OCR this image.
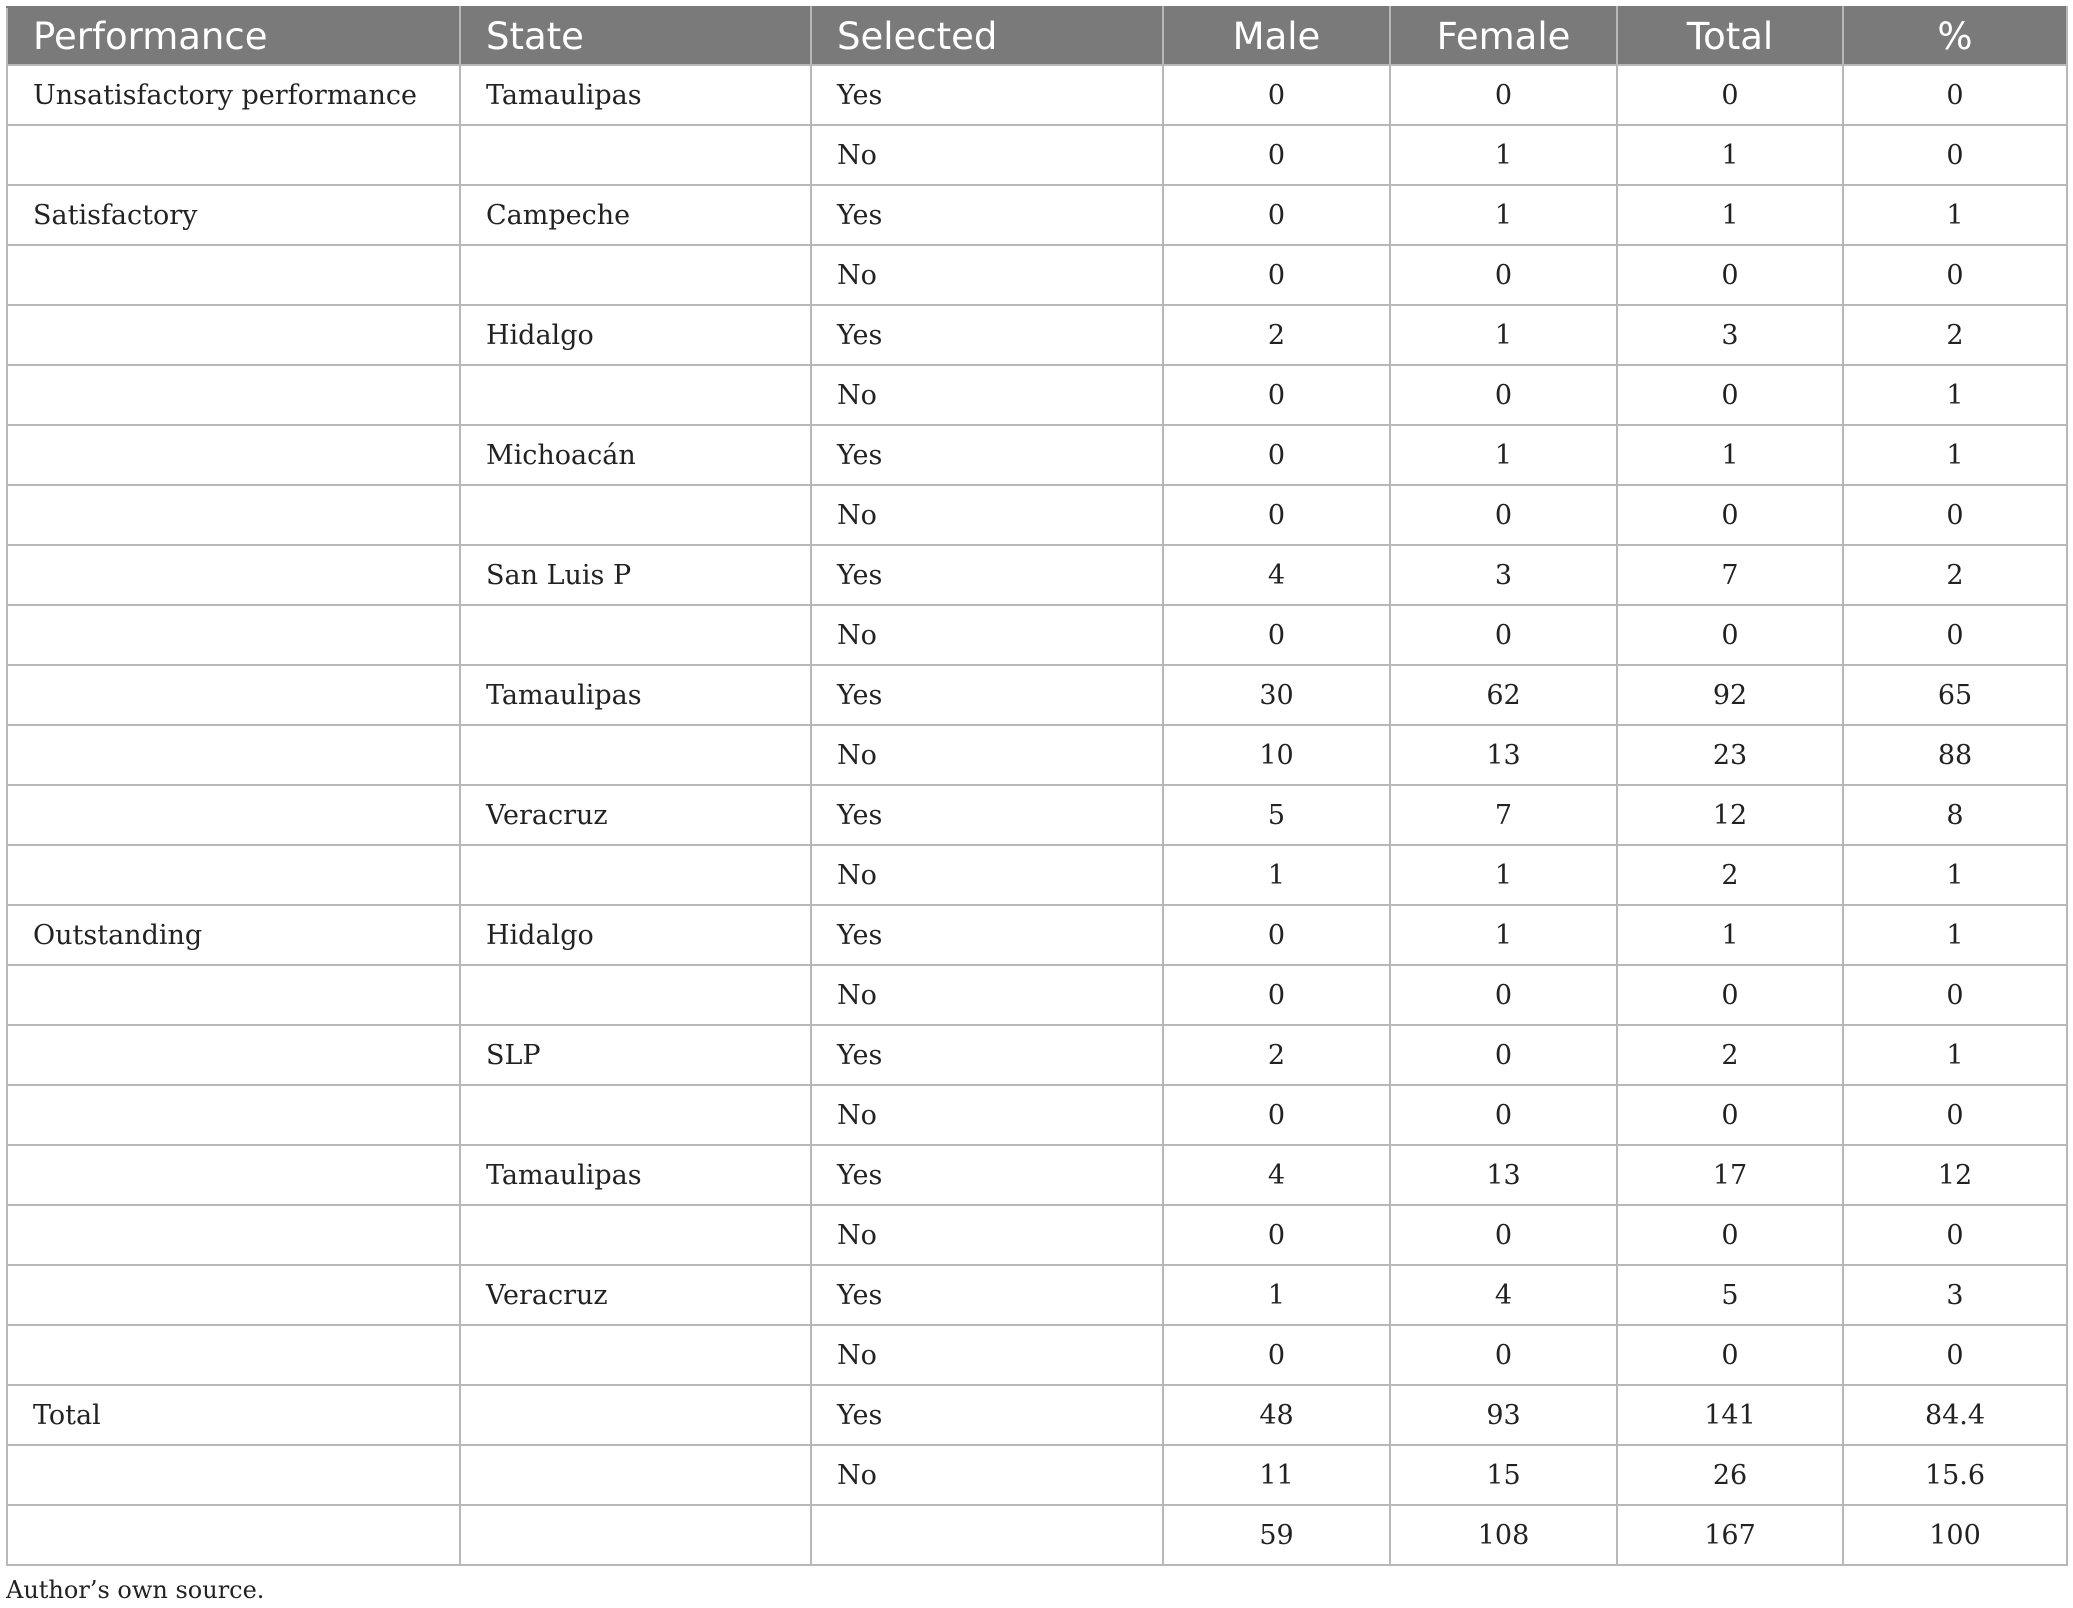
Performance	State	Selected	Male	Female	Total	%
Unsatisfactory performance	Tamaulipas	Yes	0	0	0	0
		No	0	1	1	0
Satisfactory	Campeche	Yes	0	1	1	1
		No	0	0	0	0
	Hidalgo	Yes	2	1	3	2
		No	0	0	0	1
	Michoacán	Yes	0	1	1	1
		No	0	0	0	0
	San Luis P	Yes	4	3	7	2
		No	0	0	0	0
	Tamaulipas	Yes	30	62	92	65
		No	10	13	23	88
	Veracruz	Yes	5	7	12	8
		No	1	1	2	1
Outstanding	Hidalgo	Yes	0	1	1	1
		No	0	0	0	0
	SLP	Yes	2	0	2	1
		No	0	0	0	0
	Tamaulipas	Yes	4	13	17	12
		No	0	0	0	0
	Veracruz	Yes	1	4	5	3
		No	0	0	0	0
Total		Yes	48	93	141	84.4
		No	11	15	26	15.6
			59	108	167	100
Author’s own source.
